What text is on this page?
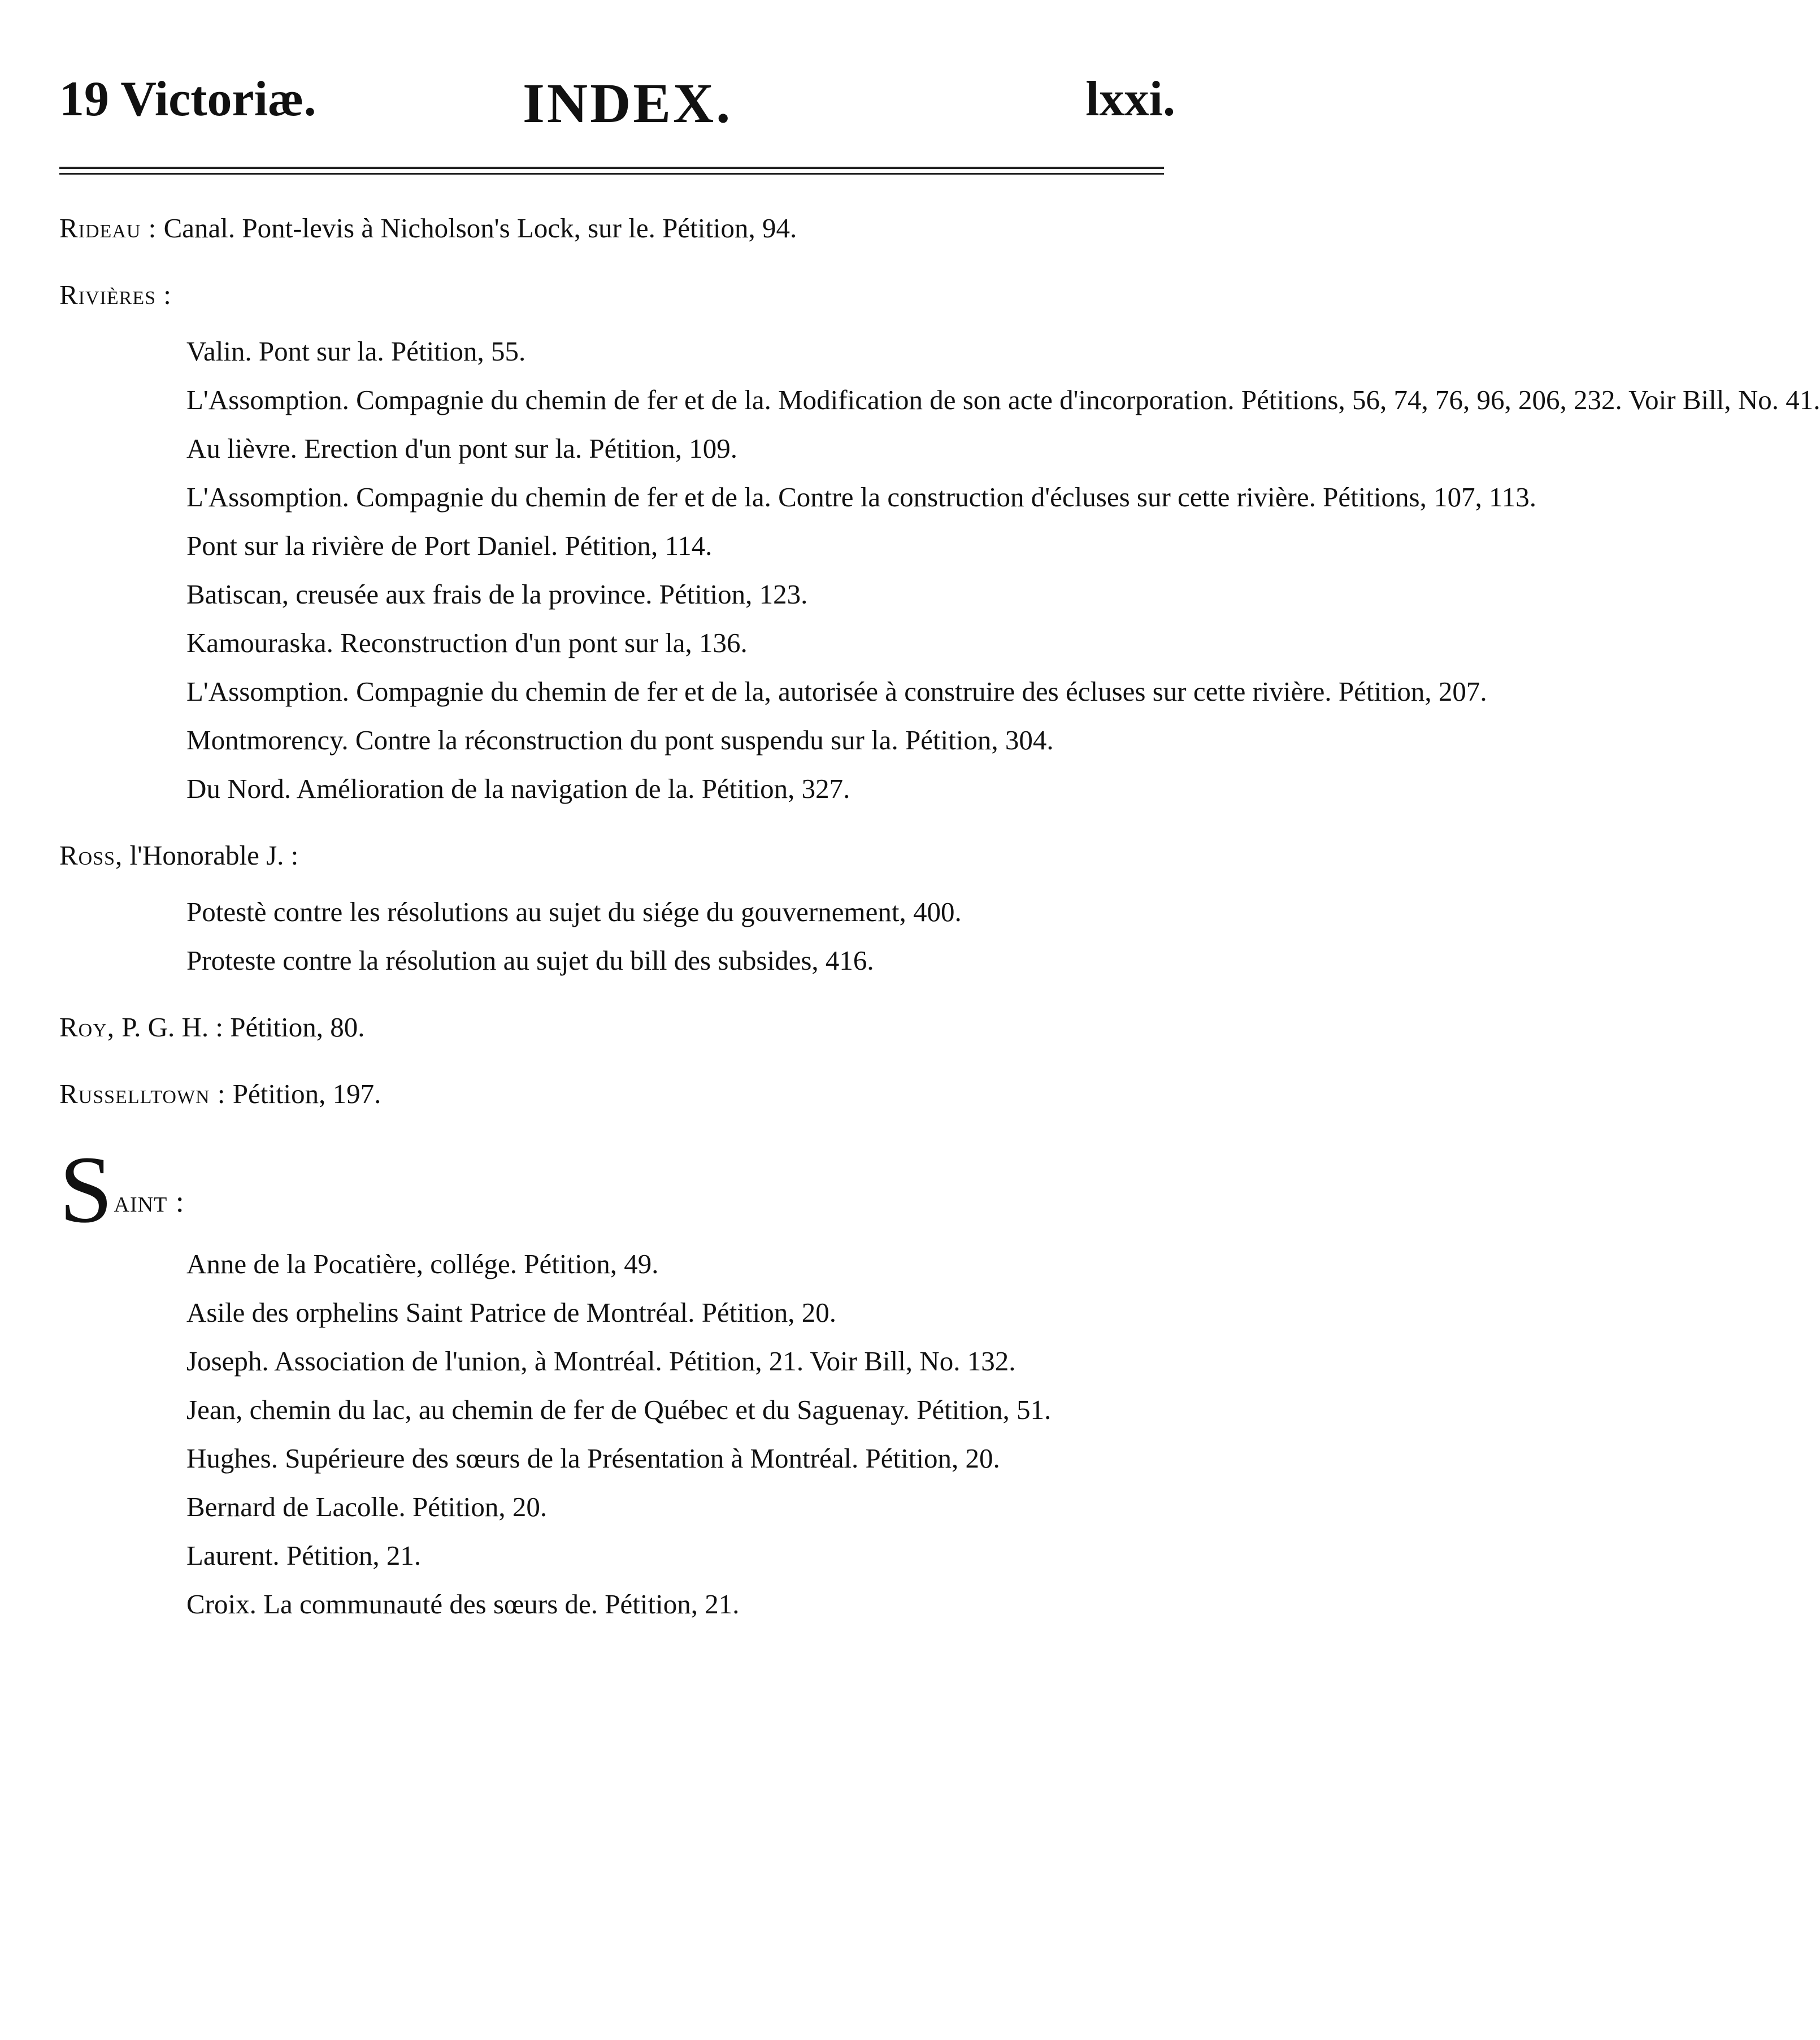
19 Victoriæ.	INDEX.	lxxi.
Rideau : Canal. Pont-levis à Nicholson's Lock, sur le. Pétition, 94.
Rivières :
Valin. Pont sur la. Pétition, 55.
L'Assomption. Compagnie du chemin de fer et de la. Modification de son acte d'incorporation. Pétitions, 56, 74, 76, 96, 206, 232. Voir Bill, No. 41.
Au lièvre. Erection d'un pont sur la. Pétition, 109.
L'Assomption. Compagnie du chemin de fer et de la. Contre la construction d'écluses sur cette rivière. Pétitions, 107, 113.
Pont sur la rivière de Port Daniel. Pétition, 114.
Batiscan, creusée aux frais de la province. Pétition, 123.
Kamouraska. Reconstruction d'un pont sur la, 136.
L'Assomption. Compagnie du chemin de fer et de la, autorisée à construire des écluses sur cette rivière. Pétition, 207.
Montmorency. Contre la réconstruction du pont suspendu sur la. Pétition, 304.
Du Nord. Amélioration de la navigation de la. Pétition, 327.
Ross, l'Honorable J. :
Potestè contre les résolutions au sujet du siége du gouvernement, 400.
Proteste contre la résolution au sujet du bill des subsides, 416.
Roy, P. G. H. : Pétition, 80.
Russelltown : Pétition, 197.
Saint :
Anne de la Pocatière, collége. Pétition, 49.
Asile des orphelins Saint Patrice de Montréal. Pétition, 20.
Joseph. Association de l'union, à Montréal. Pétition, 21. Voir Bill, No. 132.
Jean, chemin du lac, au chemin de fer de Québec et du Saguenay. Pétition, 51.
Hughes. Supérieure des sœurs de la Présentation à Montréal. Pétition, 20.
Bernard de Lacolle. Pétition, 20.
Laurent. Pétition, 21.
Croix. La communauté des sœurs de. Pétition, 21.
